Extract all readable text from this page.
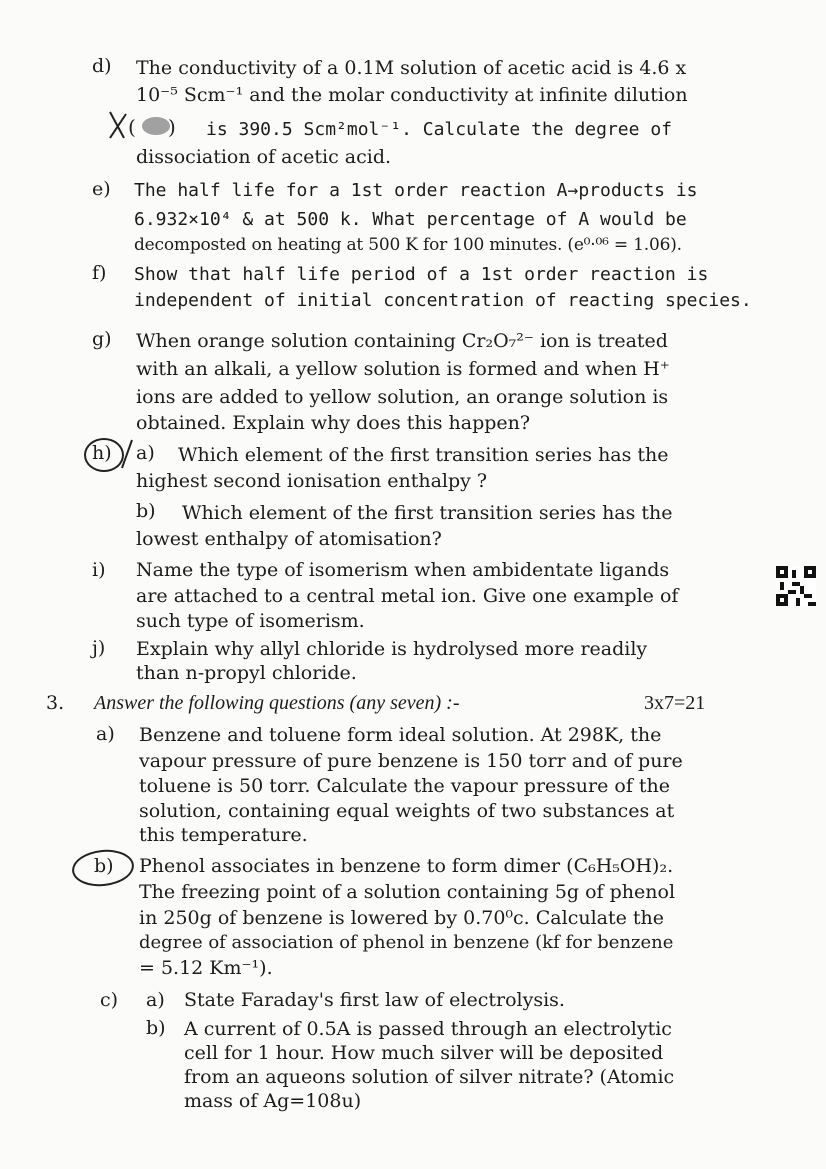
d) The conductivity of a 0.1M solution of acetic acid is 4.6 x
10⁻⁵ Scm⁻¹ and the molar conductivity at infinite dilution
( ) is 390.5 Scm²mol⁻¹. Calculate the degree of
dissociation of acetic acid.
e) The half life for a 1st order reaction A→products is
6.932×10⁴ & at 500 k. What percentage of A would be
decomposted on heating at 500 K for 100 minutes. (e⁰·⁰⁶ = 1.06).
f) Show that half life period of a 1st order reaction is
independent of initial concentration of reacting species.
g) When orange solution containing Cr₂O₇²⁻ ion is treated
with an alkali, a yellow solution is formed and when H⁺
ions are added to yellow solution, an orange solution is
obtained. Explain why does this happen?
h) a) Which element of the first transition series has the
highest second ionisation enthalpy ?
b) Which element of the first transition series has the
lowest enthalpy of atomisation?
i) Name the type of isomerism when ambidentate ligands
are attached to a central metal ion. Give one example of
such type of isomerism.
j) Explain why allyl chloride is hydrolysed more readily
than n-propyl chloride.
3. Answer the following questions (any seven) :-	3x7=21
a) Benzene and toluene form ideal solution. At 298K, the
vapour pressure of pure benzene is 150 torr and of pure
toluene is 50 torr. Calculate the vapour pressure of the
solution, containing equal weights of two substances at
this temperature.
b) Phenol associates in benzene to form dimer (C₆H₅OH)₂.
The freezing point of a solution containing 5g of phenol
in 250g of benzene is lowered by 0.70⁰c. Calculate the
degree of association of phenol in benzene (kf for benzene
= 5.12 Km⁻¹).
c) a) State Faraday's first law of electrolysis.
b) A current of 0.5A is passed through an electrolytic
cell for 1 hour. How much silver will be deposited
from an aqueons solution of silver nitrate? (Atomic
mass of Ag=108u)
